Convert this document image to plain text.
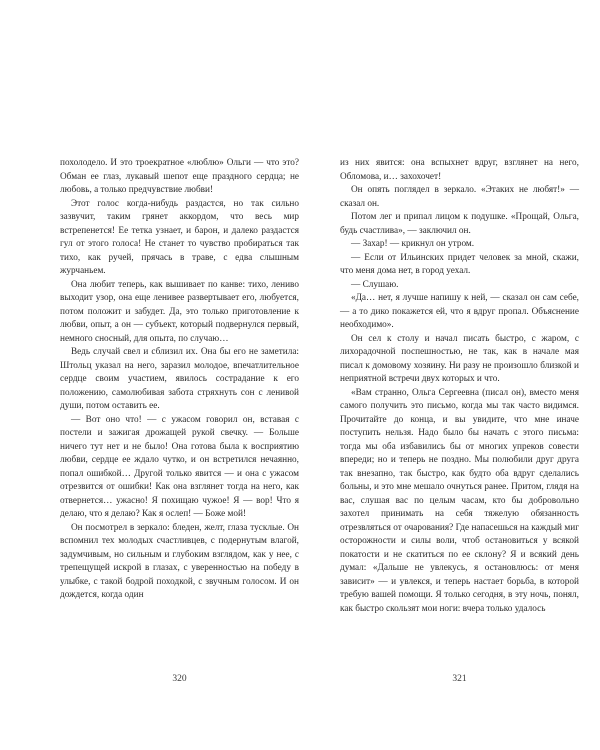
похолодело. И это троекратное «люблю» Ольги — что это? Обман ее глаз, лукавый шепот еще праздного сердца; не любовь, а только предчувствие любви!

Этот голос когда-нибудь раздастся, но так сильно зазвучит, таким грянет аккордом, что весь мир встрепенется! Ее тетка узнает, и барон, и далеко раздастся гул от этого голоса! Не станет то чувство пробираться так тихо, как ручей, прячась в траве, с едва слышным журчаньем.

Она любит теперь, как вышивает по канве: тихо, лениво выходит узор, она еще ленивее развертывает его, любуется, потом положит и забудет. Да, это только приготовление к любви, опыт, а он — субъект, который подвернулся первый, немного сносный, для опыта, по случаю…

Ведь случай свел и сблизил их. Она бы его не заметила: Штольц указал на него, заразил молодое, впечатлительное сердце своим участием, явилось сострадание к его положению, самолюбивая забота стряхнуть сон с ленивой души, потом оставить ее.

— Вот оно что! — с ужасом говорил он, вставая с постели и зажигая дрожащей рукой свечку. — Больше ничего тут нет и не было! Она готова была к восприятию любви, сердце ее ждало чутко, и он встретился нечаянно, попал ошибкой… Другой только явится — и она с ужасом отрезвится от ошибки! Как она взглянет тогда на него, как отвернется… ужасно! Я похищаю чужое! Я — вор! Что я делаю, что я делаю? Как я ослеп! — Боже мой!

Он посмотрел в зеркало: бледен, желт, глаза тусклые. Он вспомнил тех молодых счастливцев, с подернутым влагой, задумчивым, но сильным и глубоким взглядом, как у нее, с трепещущей искрой в глазах, с уверенностью на победу в улыбке, с такой бодрой походкой, с звучным голосом. И он дождется, когда один

320

из них явится: она вспыхнет вдруг, взглянет на него, Обломова, и… захохочет!

Он опять поглядел в зеркало. «Этаких не любят!» — сказал он.

Потом лег и припал лицом к подушке. «Прощай, Ольга, будь счастлива», — заключил он.

— Захар! — крикнул он утром.

— Если от Ильинских придет человек за мной, скажи, что меня дома нет, в город уехал.

— Слушаю.

«Да… нет, я лучше напишу к ней, — сказал он сам себе, — а то дико покажется ей, что я вдруг пропал. Объяснение необходимо».

Он сел к столу и начал писать быстро, с жаром, с лихорадочной поспешностью, не так, как в начале мая писал к домовому хозяину. Ни разу не произошло близкой и неприятной встречи двух которых и что.

«Вам странно, Ольга Сергеевна (писал он), вместо меня самого получить это письмо, когда мы так часто видимся. Прочитайте до конца, и вы увидите, что мне иначе поступить нельзя. Надо было бы начать с этого письма: тогда мы оба избавились бы от многих упреков совести впереди; но и теперь не поздно. Мы полюбили друг друга так внезапно, так быстро, как будто оба вдруг сделались больны, и это мне мешало очнуться ранее. Притом, глядя на вас, слушая вас по целым часам, кто бы добровольно захотел принимать на себя тяжелую обязанность отрезвляться от очарования? Где напасешься на каждый миг осторожности и силы воли, чтоб остановиться у всякой покатости и не скатиться по ее склону? Я и всякий день думал: «Дальше не увлекусь, я остановлюсь: от меня зависит» — и увлекся, и теперь настает борьба, в которой требую вашей помощи. Я только сегодня, в эту ночь, понял, как быстро скользят мои ноги: вчера только удалось

321
